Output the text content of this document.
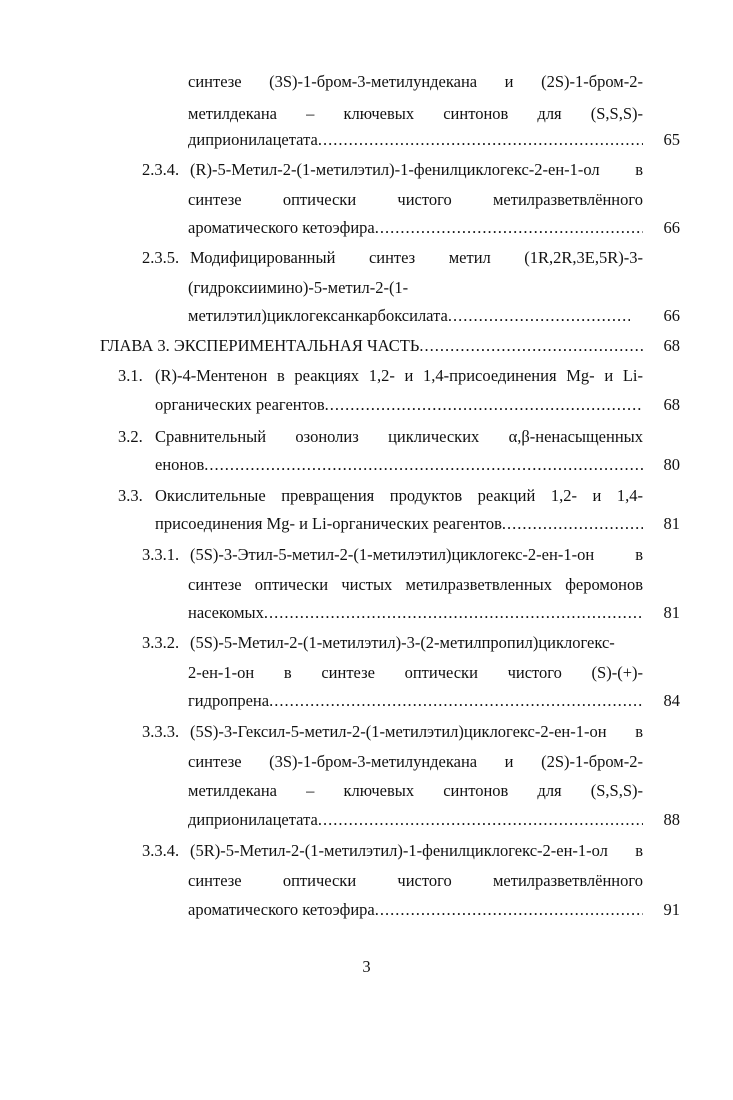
синтезе (3S)-1-бром-3-метилундекана и (2S)-1-бром-2-
метилдекана – ключевых синтонов для (S,S,S)-
диприонилацетата .....	65
2.3.4. (R)-5-Метил-2-(1-метилэтил)-1-фенилциклогекс-2-ен-1-ол в
синтезе оптически чистого метилразветвлённого
ароматического кетоэфира .....	66
2.3.5. Модифицированный синтез метил (1R,2R,3E,5R)-3-
(гидроксиимино)-5-метил-2-(1-
метилэтил)циклогексанкарбоксилата .....	66
ГЛАВА 3. ЭКСПЕРИМЕНТАЛЬНАЯ ЧАСТЬ .....	68
3.1. (R)-4-Ментенон в реакциях 1,2- и 1,4-присоединения Mg- и Li-
органических реагентов .....	68
3.2. Сравнительный озонолиз циклических α,β-ненасыщенных
енонов .....	80
3.3. Окислительные превращения продуктов реакций 1,2- и 1,4-
присоединения Mg- и Li-органических реагентов .....	81
3.3.1. (5S)-3-Этил-5-метил-2-(1-метилэтил)циклогекс-2-ен-1-он в
синтезе оптически чистых метилразветвленных феромонов
насекомых .....	81
3.3.2. (5S)-5-Метил-2-(1-метилэтил)-3-(2-метилпропил)циклогекс-
2-ен-1-он в синтезе оптически чистого (S)-(+)-
гидропрена .....	84
3.3.3. (5S)-3-Гексил-5-метил-2-(1-метилэтил)циклогекс-2-ен-1-он в
синтезе (3S)-1-бром-3-метилундекана и (2S)-1-бром-2-
метилдекана – ключевых синтонов для (S,S,S)-
диприонилацетата .....	88
3.3.4. (5R)-5-Метил-2-(1-метилэтил)-1-фенилциклогекс-2-ен-1-ол в
синтезе оптически чистого метилразветвлённого
ароматического кетоэфира .....	91
3
